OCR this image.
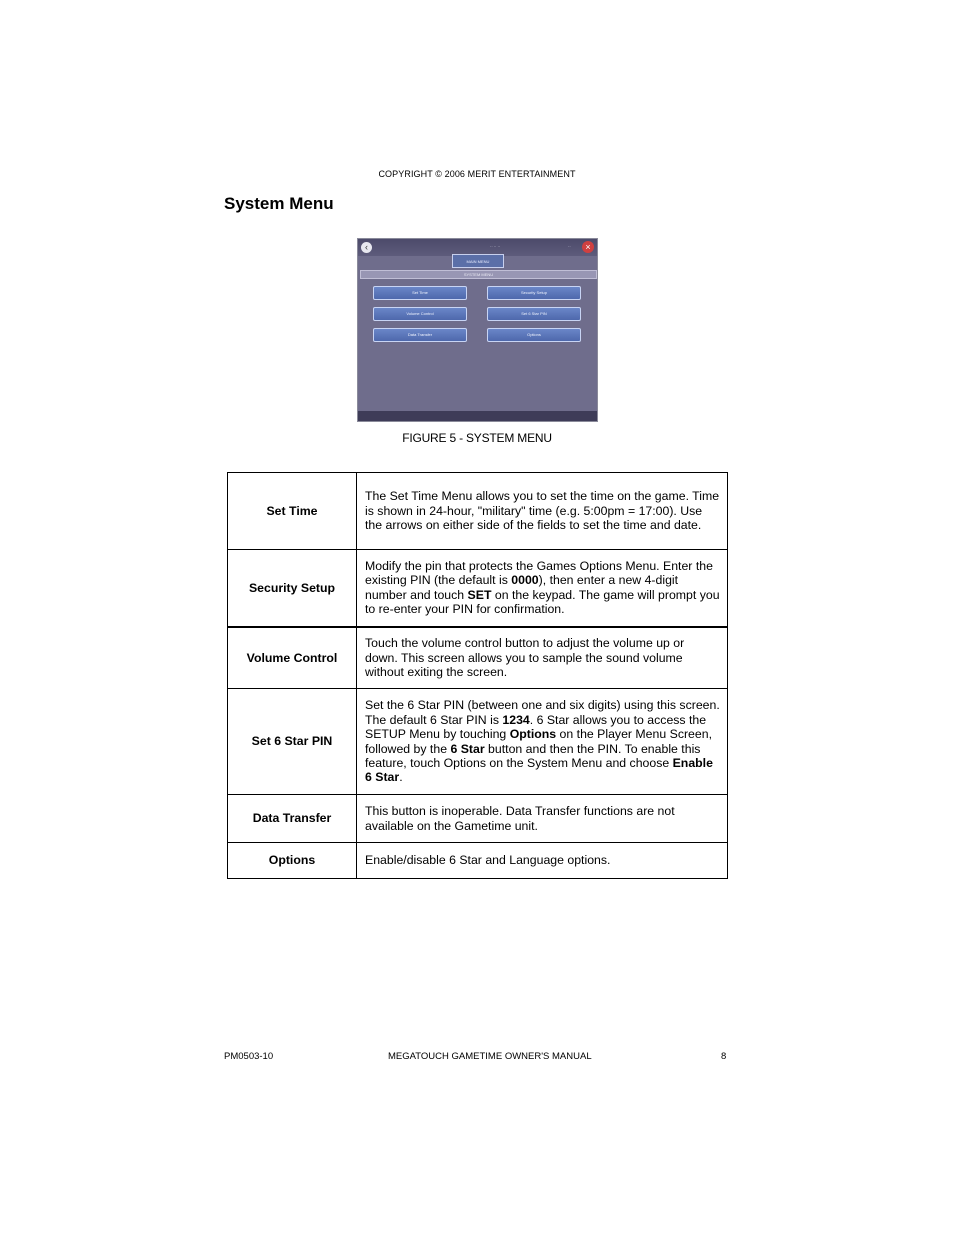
COPYRIGHT © 2006 MERIT ENTERTAINMENT
System Menu
‹	·· ·· ··	··	×
MAIN MENU
SYSTEM MENU
Set Time	Security Setup
Volume Control	Set 6 Star PIN
Data Transfer	Options
FIGURE 5 - SYSTEM MENU
Set Time	The Set Time Menu allows you to set the time on the game. Time is shown in 24-hour, "military" time (e.g. 5:00pm = 17:00). Use the arrows on either side of the fields to set the time and date.
Security Setup	Modify the pin that protects the Games Options Menu. Enter the existing PIN (the default is 0000), then enter a new 4-digit number and touch SET on the keypad. The game will prompt you to re-enter your PIN for confirmation.
Volume Control	Touch the volume control button to adjust the volume up or down. This screen allows you to sample the sound volume without exiting the screen.
Set 6 Star PIN	Set the 6 Star PIN (between one and six digits) using this screen. The default 6 Star PIN is 1234. 6 Star allows you to access the SETUP Menu by touching Options on the Player Menu Screen, followed by the 6 Star button and then the PIN. To enable this feature, touch Options on the System Menu and choose Enable 6 Star.
Data Transfer	This button is inoperable. Data Transfer functions are not available on the Gametime unit.
Options	Enable/disable 6 Star and Language options.
PM0503-10	MEGATOUCH GAMETIME OWNER'S MANUAL	8
